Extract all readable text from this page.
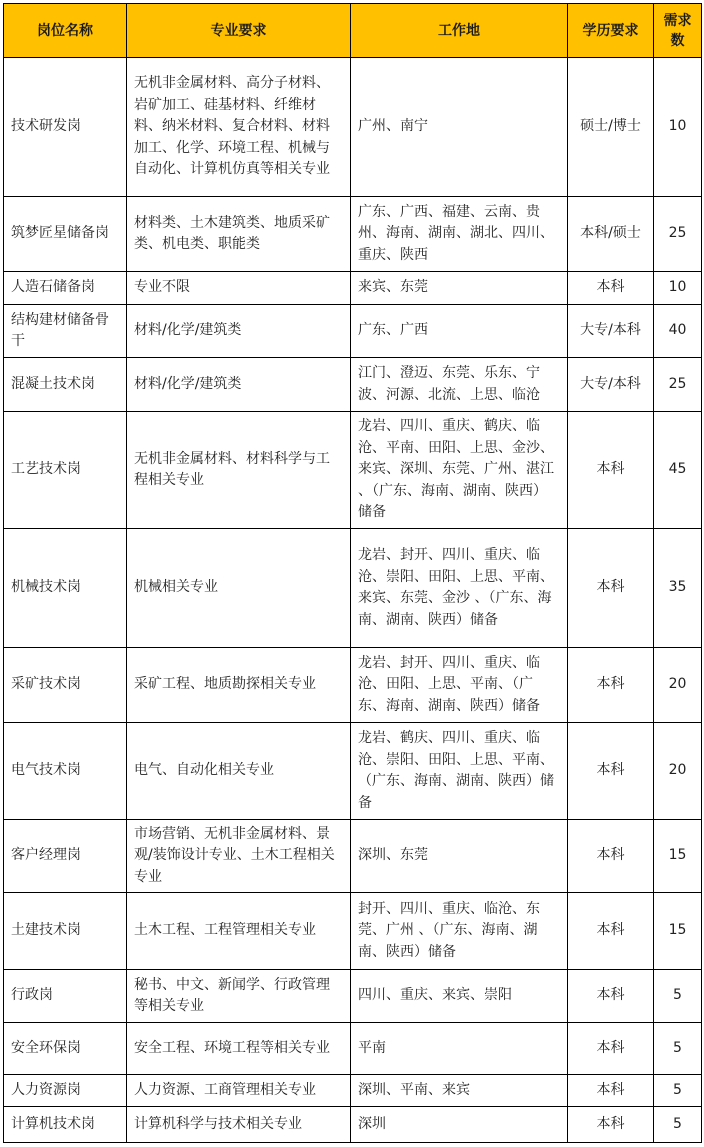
岗位名称	专业要求	工作地	学历要求	需求数
技术研发岗	无机非金属材料、高分子材料、岩矿加工、硅基材料、纤维材料、纳米材料、复合材料、材料加工、化学、环境工程、机械与自动化、计算机仿真等相关专业	广州、南宁	硕士/博士	10
筑梦匠星储备岗	材料类、土木建筑类、地质采矿类、机电类、职能类	广东、广西、福建、云南、贵州、海南、湖南、湖北、四川、重庆、陕西	本科/硕士	25
人造石储备岗	专业不限	来宾、东莞	本科	10
结构建材储备骨干	材料/化学/建筑类	广东、广西	大专/本科	40
混凝土技术岗	材料/化学/建筑类	江门、澄迈、东莞、乐东、宁波、河源、北流、上思、临沧	大专/本科	25
工艺技术岗	无机非金属材料、材料科学与工程相关专业	龙岩、四川、重庆、鹤庆、临沧、平南、田阳、上思、金沙、来宾、深圳、东莞、广州、湛江 、（广东、海南、湖南、陕西）储备	本科	45
机械技术岗	机械相关专业	龙岩、封开、四川、重庆、临沧、崇阳、田阳、上思、平南、来宾、东莞、金沙 、（广东、海南、湖南、陕西）储备	本科	35
采矿技术岗	采矿工程、地质勘探相关专业	龙岩、封开、四川、重庆、临沧、田阳、上思、平南、（广东、海南、湖南、陕西）储备	本科	20
电气技术岗	电气、自动化相关专业	龙岩、鹤庆、四川、重庆、临沧、崇阳、田阳、上思、平南、（广东、海南、湖南、陕西）储备	本科	20
客户经理岗	市场营销、无机非金属材料、景观/装饰设计专业、土木工程相关专业	深圳、东莞	本科	15
土建技术岗	土木工程、工程管理相关专业	封开、四川、重庆、临沧、东莞、广州 、（广东、海南、湖南、陕西）储备	本科	15
行政岗	秘书、中文、新闻学、行政管理等相关专业	四川、重庆、来宾、崇阳	本科	5
安全环保岗	安全工程、环境工程等相关专业	平南	本科	5
人力资源岗	人力资源、工商管理相关专业	深圳、平南、来宾	本科	5
计算机技术岗	计算机科学与技术相关专业	深圳	本科	5
